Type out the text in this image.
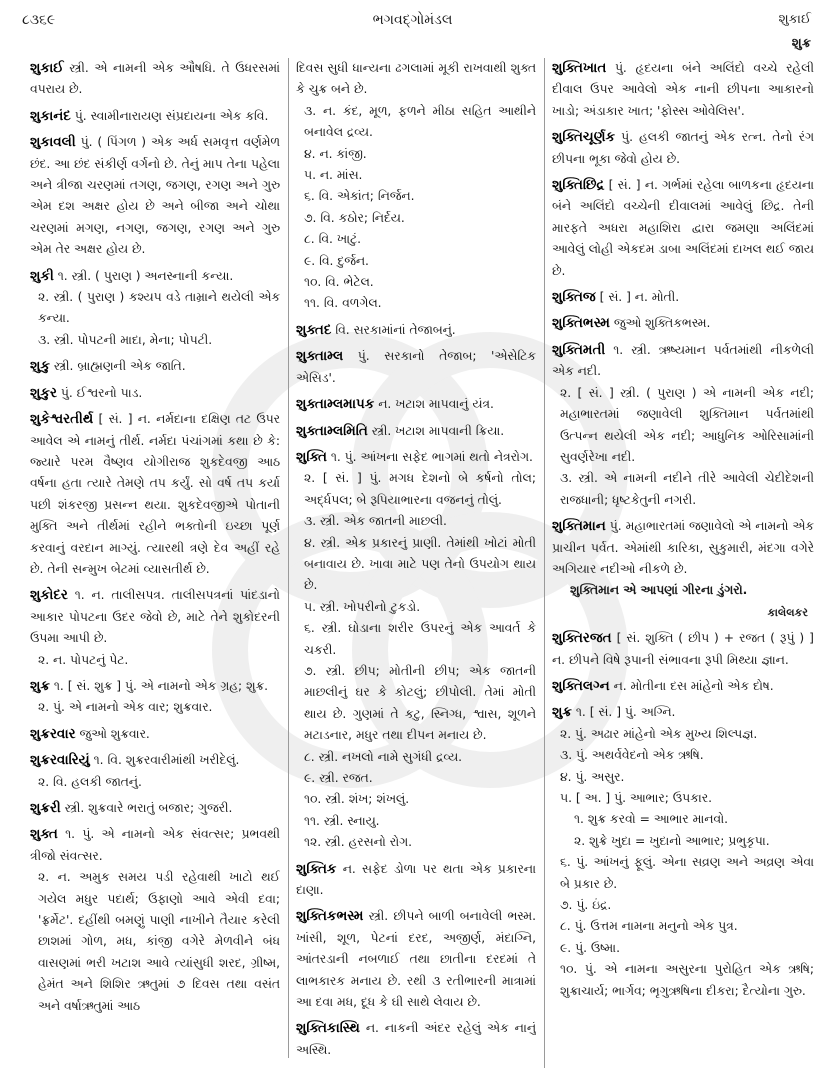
૮૩૬૯	ભગવદ્ગોમંડલ	શુકાઈ
શુક્ર
શુકાઈ સ્ત્રી. એ નામની એક ઔષધિ. તે ઉધરસમાં વપરાય છે.
શુકાનંદ પું. સ્વામીનારાયણ સંપ્રદાયના એક કવિ.
શુકાવલી પું. ( પિંગળ ) એક અર્ધ સમવૃત્ત વર્ણમેળ છંદ. આ છંદ સંકીર્ણ વર્ગનો છે. તેનું માપ તેના પહેલા અને ત્રીજા ચરણમાં તગણ, જગણ, રગણ અને ગુરુ એમ દશ અક્ષર હોય છે અને બીજા અને ચોથા ચરણમાં મગણ, નગણ, જગણ, રગણ અને ગુરુ એમ તેર અક્ષર હોય છે.
શુકી ૧. સ્ત્રી. ( પુરાણ ) અનસ્નાની કન્યા.
૨. સ્ત્રી. ( પુરાણ ) કશ્યપ વડે તામ્રાને થયેલી એક કન્યા.
૩. સ્ત્રી. પોપટની માદા, મેના; પોપટી.
શુકુ સ્ત્રી. બ્રાહ્મણની એક જાતિ.
શુકુર પું. ઈશ્વરનો પાડ.
શુકેશ્વરતીર્થ [ સં. ] ન. નર્મદાના દક્ષિણ તટ ઉપર આવેલ એ નામનું તીર્થ. નર્મદા પંચાંગમાં કથા છે કે: જ્યારે પરમ વૈષ્ણવ યોગીરાજ શુકદેવજી આઠ વર્ષના હતા ત્યારે તેમણે તપ કર્યું. સો વર્ષ તપ કર્યા પછી શંકરજી પ્રસન્ન થયા. શુકદેવજીએ પોતાની મુક્તિ અને તીર્થમાં રહીને ભક્તોની ઇચ્છા પૂર્ણ કરવાનું વરદાન માગ્યું. ત્યારથી ત્રણે દેવ અહીં રહે છે. તેની સન્મુખ બેટમાં વ્યાસતીર્થ છે.
શુકોદર ૧. ન. તાલીસપત્ર. તાલીસપત્રનાં પાંદડાનો આકાર પોપટના ઉદર જેવો છે, માટે તેને શુકોદરની ઉપમા આપી છે.
૨. ન. પોપટનું પેટ.
શુક્ર ૧. [ સં. શુક્ર ] પું. એ નામનો એક ગ્રહ; શુક્ર.
૨. પું. એ નામનો એક વાર; શુક્રવાર.
શુક્રરવાર જુઓ શુક્રવાર.
શુક્રરવારિયું ૧. વિ. શુક્રરવારીમાંથી ખરીદેલું.
૨. વિ. હલકી જાતનું.
શુક્રરી સ્ત્રી. શુક્રવારે ભરાતું બજાર; ગુજરી.
શુક્ત ૧. પું. એ નામનો એક સંવત્સર; પ્રભવથી ત્રીજો સંવત્સર.
૨. ન. અમુક સમય પડી રહેવાથી ખાટો થઈ ગયેલ મધુર પદાર્થ; ઉફાણો આવે એવી દવા; 'ફ્રર્મેટ'. દહીંથી બમણું પાણી નાખીને તૈયાર કરેલી છાશમાં ગોળ, મધ, કાંજી વગેરે મેળવીને બંધ વાસણમાં ભરી ખટાશ આવે ત્યાંસુધી શરદ, ગ્રીષ્મ, હેમંત અને શિશિર ઋતુમાં ૭ દિવસ તથા વસંત અને વર્ષાઋતુમાં આઠ
દિવસ સુધી ધાન્યના ઢગલામાં મૂકી રાખવાથી શુક્ત કે ચુક્ર બને છે.
૩. ન. કંદ, મૂળ, ફળને મીઠા સહિત આથીને બનાવેલ દ્રવ્ય.
૪. ન. કાંજી.
૫. ન. માંસ.
૬. વિ. એકાંત; નિર્જન.
૭. વિ. કઠોર; નિર્દય.
૮. વિ. ખાટું.
૯. વિ. દુર્જન.
૧૦. વિ. ભેટેલ.
૧૧. વિ. વળગેલ.
શુક્તદ વિ. સરકામાંનાં તેજાબનું.
શુક્તામ્લ પું. સરકાનો તેજાબ; 'એસેટિક એસિડ'.
શુક્તામ્લમાપક ન. ખટાશ માપવાનું યંત્ર.
શુક્તામ્લમિતિ સ્ત્રી. ખટાશ માપવાની ક્રિયા.
શુક્તિ ૧. પું. આંખના સફેદ ભાગમાં થતો નેત્રરોગ.
૨. [ સં. ] પું. મગધ દેશનો બે કર્ષનો તોલ; અર્દ્ધપલ; બે રૂપિયાભારના વજનનું તોલું.
૩. સ્ત્રી. એક જાતની માછલી.
૪. સ્ત્રી. એક પ્રકારનું પ્રાણી. તેમાંથી ખોટાં મોતી બનાવાય છે. ખાવા માટે પણ તેનો ઉપયોગ થાય છે.
૫. સ્ત્રી. ખોપરીનો ટુકડો.
૬. સ્ત્રી. ઘોડાના શરીર ઉપરનું એક આવર્ત કે ચકરી.
૭. સ્ત્રી. છીપ; મોતીની છીપ; એક જાતની માછલીનું ઘર કે કોટલું; છીપોલી. તેમાં મોતી થાય છે. ગુણમાં તે કટુ, સ્નિગ્ધ, શ્વાસ, શૂળને મટાડનાર, મધુર તથા દીપન મનાય છે.
૮. સ્ત્રી. નખલો નામે સુગંધી દ્રવ્ય.
૯. સ્ત્રી. રજત.
૧૦. સ્ત્રી. શંખ; શંખલું.
૧૧. સ્ત્રી. સ્નાયુ.
૧૨. સ્ત્રી. હરસનો રોગ.
શુક્તિક ન. સફેદ ડોળા પર થતા એક પ્રકારના દાણા.
શુક્તિકભસ્મ સ્ત્રી. છીપને બાળી બનાવેલી ભસ્મ. ખાંસી, શૂળ, પેટનાં દરદ, અજીર્ણ, મંદાગ્નિ, આંતરડાની નબળાઈ તથા છાતીના દરદમાં તે લાભકારક મનાય છે. રથી ૩ રતીભારની માત્રામાં આ દવા મધ, દૂધ કે ઘી સાથે લેવાય છે.
શુક્તિકાસ્થિ ન. નાકની અંદર રહેલું એક નાનું અસ્થિ.
શુક્તિખાત પું. હૃદયના બંને અલિંદો વચ્ચે રહેલી દીવાલ ઉપર આવેલો એક નાની છીપના આકારનો ખાડો; અંડાકાર ખાત; 'ફોસ્સ ઓવેલિસ'.
શુક્તિચૂર્ણક પું. હલકી જાતનું એક રત્ન. તેનો રંગ છીપના ભૂકા જેવો હોય છે.
શુક્તિછિદ્ર [ સં. ] ન. ગર્ભમાં રહેલા બાળકના હૃદયના બંને અલિંદો વચ્ચેની દીવાલમાં આવેલું છિદ્ર. તેની મારફતે અધરા મહાશિરા દ્વારા જમણા અલિંદમાં આવેલું લોહી એકદમ ડાબા અલિંદમાં દાખલ થઈ જાય છે.
શુક્તિજ [ સં. ] ન. મોતી.
શુક્તિભસ્મ જુઓ શુક્તિકભસ્મ.
શુક્તિમતી ૧. સ્ત્રી. ઋષ્યમાન પર્વતમાંથી નીકળેલી એક નદી.
૨. [ સં. ] સ્ત્રી. ( પુરાણ ) એ નામની એક નદી; મહાભારતમાં જણાવેલી શુક્તિમાન પર્વતમાંથી ઉત્પન્ન થયેલી એક નદી; આધુનિક ઓરિસામાંની સુવર્ણરેખા નદી.
૩. સ્ત્રી. એ નામની નદીને તીરે આવેલી ચેદીદેશની રાજધાની; ધૃષ્ટકેતુની નગરી.
શુક્તિમાન પું. મહાભારતમાં જણાવેલો એ નામનો એક પ્રાચીન પર્વત. એમાંથી કારિકા, સુકુમારી, મંદગા વગેરે અગિયાર નદીઓ નીકળે છે.
શુક્તિમાન એ આપણાં ગીરના ડુંગરો.
કાલેલકર
શુક્તિરજત [ સં. શુક્તિ ( છીપ ) + રજત ( રૂપું ) ] ન. છીપને વિષે રૂપાની સંભાવના રૂપી મિથ્યા જ્ઞાન.
શુક્તિલગ્ન ન. મોતીના દસ માંહેનો એક દોષ.
શુક્ર ૧. [ સં. ] પું. અગ્નિ.
૨. પું. અઢાર માંહેનો એક મુખ્ય શિલ્પજ્ઞ.
૩. પું. અથર્વવેદનો એક ઋષિ.
૪. પું. અસુર.
૫. [ અ. ] પું. આભાર; ઉપકાર.
૧. શુક્ર કરવો = આભાર માનવો.
૨. શુક્રે ખુદા = ખુદાનો આભાર; પ્રભુકૃપા.
૬. પું. આંખનું ફૂલું. એના સવ્રણ અને અવ્રણ એવા બે પ્રકાર છે.
૭. પું. ઇંદ્ર.
૮. પું. ઉત્તમ નામના મનુનો એક પુત્ર.
૯. પું. ઉષ્મા.
૧૦. પું. એ નામના અસુરના પુરોહિત એક ઋષિ; શુક્રાચાર્ય; ભાર્ગવ; ભૃગુઋષિના દીકરા; દૈત્યોના ગુરુ.
